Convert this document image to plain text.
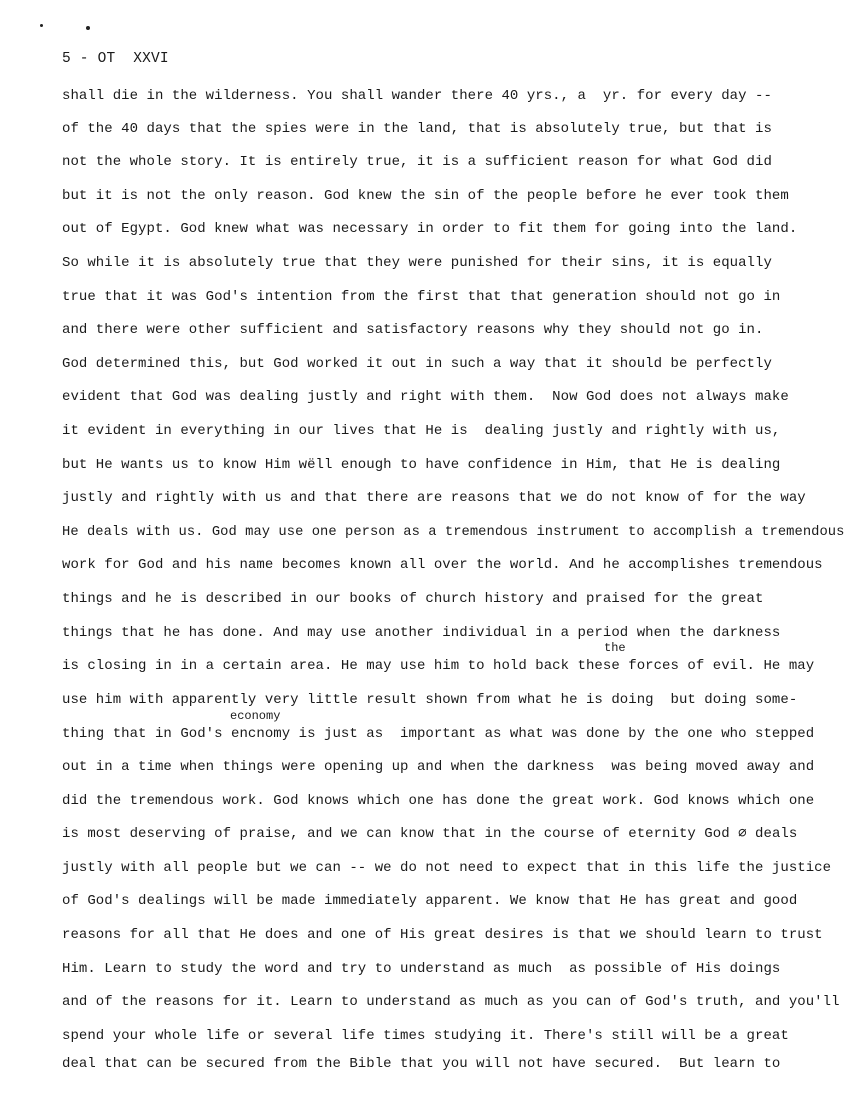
5 - OT  XXVI
shall die in the wilderness. You shall wander there 40 yrs., a  yr. for every day --
of the 40 days that the spies were in the land, that is absolutely true, but that is
not the whole story. It is entirely true, it is a sufficient reason for what God did
but it is not the only reason. God knew the sin of the people before he ever took them
out of Egypt. God knew what was necessary in order to fit them for going into the land.
So while it is absolutely true that they were punished for their sins, it is equally
true that it was God's intention from the first that that generation should not go in
and there were other sufficient and satisfactory reasons why they should not go in.
God determined this, but God worked it out in such a way that it should be perfectly
evident that God was dealing justly and right with them.  Now God does not always make
it evident in everything in our lives that He is  dealing justly and rightly with us,
but He wants us to know Him wëll enough to have confidence in Him, that He is dealing
justly and rightly with us and that there are reasons that we do not know of for the way
He deals with us. God may use one person as a tremendous instrument to accomplish a tremendous
work for God and his name becomes known all over the world. And he accomplishes tremendous
things and he is described in our books of church history and praised for the great
things that he has done. And may use another individual in a period when the darkness
the
is closing in in a certain area. He may use him to hold back these forces of evil. He may
use him with apparently very little result shown from what he is doing  but doing some-
economy
thing that in God's encnomy is just as  important as what was done by the one who stepped
out in a time when things were opening up and when the darkness  was being moved away and
did the tremendous work. God knows which one has done the great work. God knows which one
is most deserving of praise, and we can know that in the course of eternity God ∅ deals
justly with all people but we can -- we do not need to expect that in this life the justice
of God's dealings will be made immediately apparent. We know that He has great and good
reasons for all that He does and one of His great desires is that we should learn to trust
Him. Learn to study the word and try to understand as much  as possible of His doings
and of the reasons for it. Learn to understand as much as you can of God's truth, and you'll
spend your whole life or several life times studying it. There's still will be a great
deal that can be secured from the Bible that you will not have secured.  But learn to
